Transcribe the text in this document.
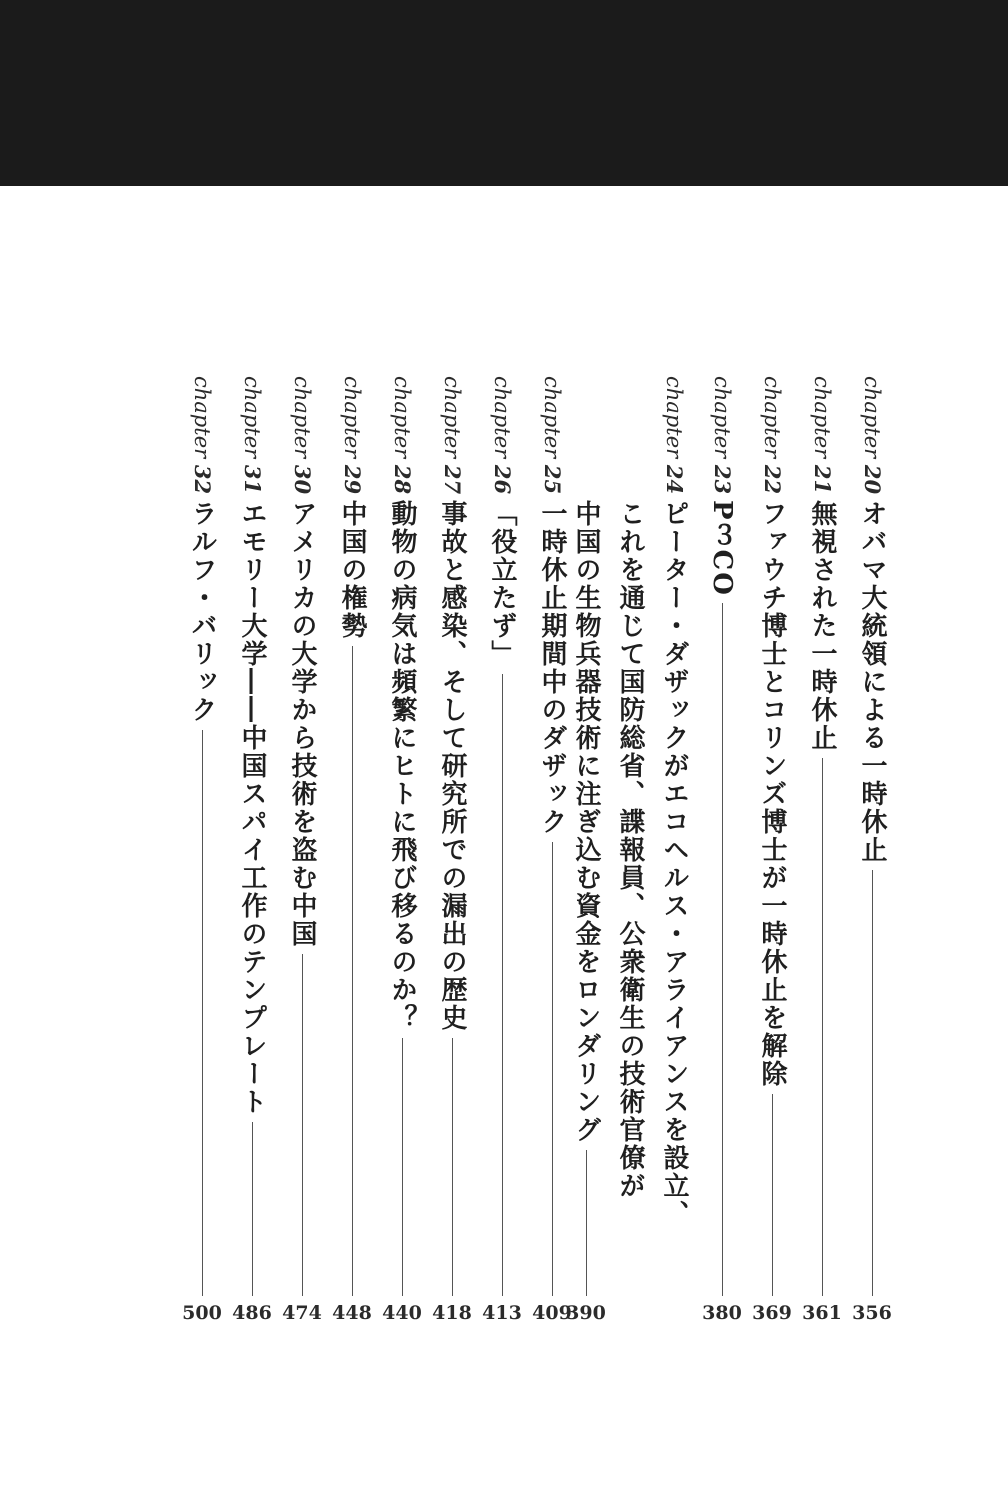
chapter 20
オバマ大統領による一時休止
356
chapter 21
無視された一時休止
361
chapter 22
ファウチ博士とコリンズ博士が一時休止を解除
369
chapter 23
P３CO
380
chapter 24
ピーター・ダザックがエコヘルス・アライアンスを設立、
これを通じて国防総省、諜報員、公衆衛生の技術官僚が
中国の生物兵器技術に注ぎ込む資金をロンダリング
390
chapter 25
一時休止期間中のダザック
409
chapter 26
「役立たず」
413
chapter 27
事故と感染、そして研究所での漏出の歴史
418
chapter 28
動物の病気は頻繁にヒトに飛び移るのか？
440
chapter 29
中国の権勢
448
chapter 30
アメリカの大学から技術を盗む中国
474
chapter 31
エモリー大学――中国スパイ工作のテンプレート
486
chapter 32
ラルフ・バリック
500
